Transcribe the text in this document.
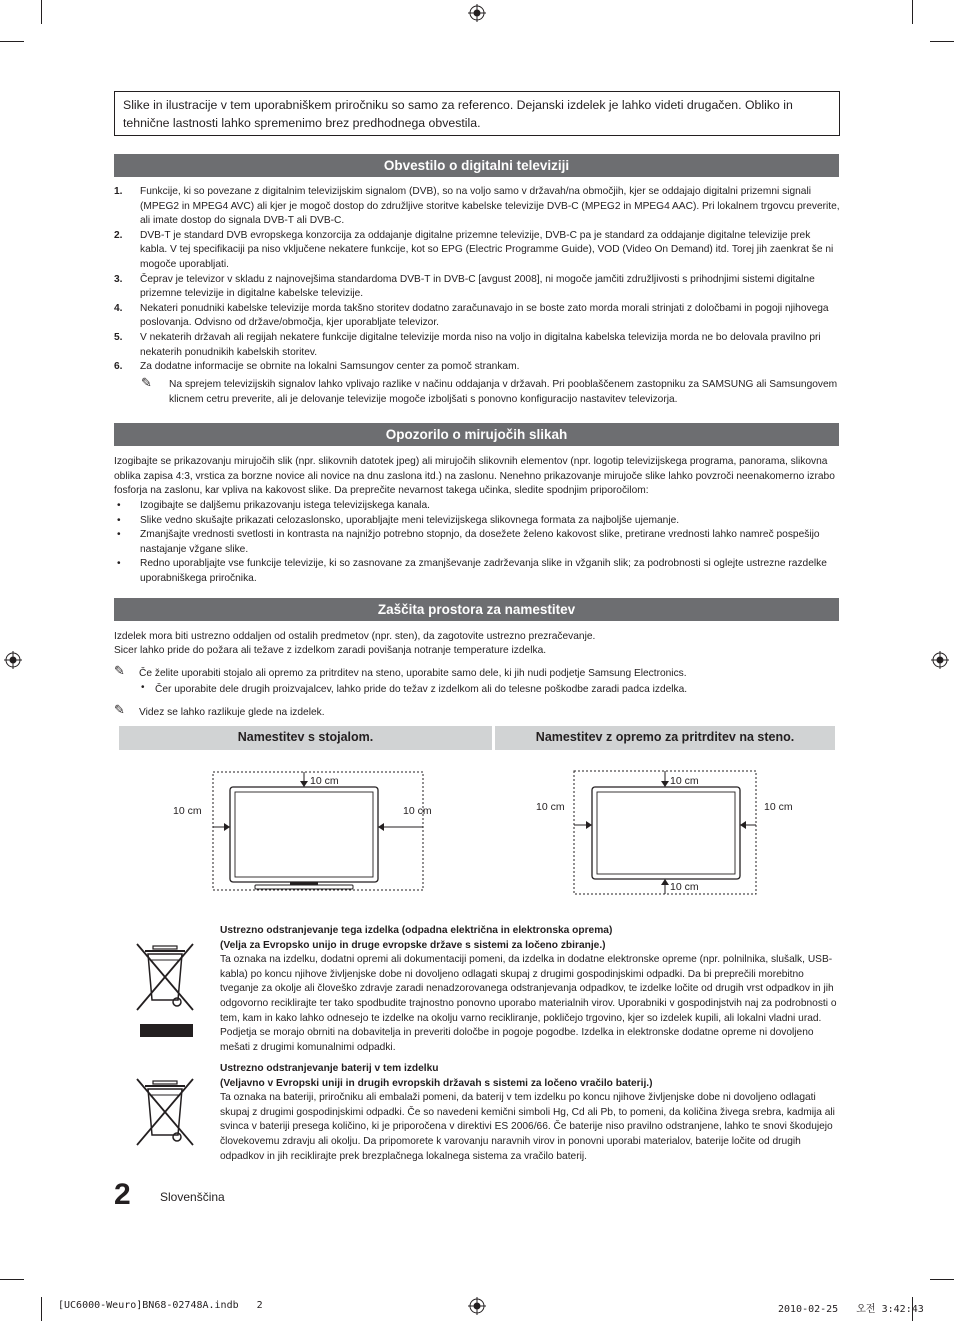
Slike in ilustracije v tem uporabniškem priročniku so samo za referenco. Dejanski izdelek je lahko videti drugačen. Obliko in tehnične lastnosti lahko spremenimo brez predhodnega obvestila.
Obvestilo o digitalni televiziji
1. Funkcije, ki so povezane z digitalnim televizijskim signalom (DVB), so na voljo samo v državah/na območjih, kjer se oddajajo digitalni prizemni signali (MPEG2 in MPEG4 AVC) ali kjer je mogoč dostop do združljive storitve kabelske televizije DVB-C (MPEG2 in MPEG4 AAC). Pri lokalnem trgovcu preverite, ali imate dostop do signala DVB-T ali DVB-C.
2. DVB-T je standard DVB evropskega konzorcija za oddajanje digitalne prizemne televizije, DVB-C pa je standard za oddajanje digitalne televizije prek kabla. V tej specifikaciji pa niso vključene nekatere funkcije, kot so EPG (Electric Programme Guide), VOD (Video On Demand) itd. Torej jih zaenkrat še ni mogoče uporabljati.
3. Čeprav je televizor v skladu z najnovejšima standardoma DVB-T in DVB-C [avgust 2008], ni mogoče jamčiti združljivosti s prihodnjimi sistemi digitalne prizemne televizije in digitalne kabelske televizije.
4. Nekateri ponudniki kabelske televizije morda takšno storitev dodatno zaračunavajo in se boste zato morda morali strinjati z določbami in pogoji njihovega poslovanja. Odvisno od države/območja, kjer uporabljate televizor.
5. V nekaterih državah ali regijah nekatere funkcije digitalne televizije morda niso na voljo in digitalna kabelska televizija morda ne bo delovala pravilno pri nekaterih ponudnikih kabelskih storitev.
6. Za dodatne informacije se obrnite na lokalni Samsungov center za pomoč strankam.
✎ Na sprejem televizijskih signalov lahko vplivajo razlike v načinu oddajanja v državah. Pri pooblaščenem zastopniku za SAMSUNG ali Samsungovem klicnem cetru preverite, ali je delovanje televizije mogoče izboljšati s ponovno konfiguracijo nastavitev televizorja.
Opozorilo o mirujočih slikah
Izogibajte se prikazovanju mirujočih slik (npr. slikovnih datotek jpeg) ali mirujočih slikovnih elementov (npr. logotip televizijskega programa, panorama, slikovna oblika zapisa 4:3, vrstica za borzne novice ali novice na dnu zaslona itd.) na zaslonu. Nenehno prikazovanje mirujoče slike lahko povzroči neenakomerno izrabo fosforja na zaslonu, kar vpliva na kakovost slike. Da preprečite nevarnost takega učinka, sledite spodnjim priporočilom:
• Izogibajte se daljšemu prikazovanju istega televizijskega kanala.
• Slike vedno skušajte prikazati celozaslonsko, uporabljajte meni televizijskega slikovnega formata za najboljše ujemanje.
• Zmanjšajte vrednosti svetlosti in kontrasta na najnižjo potrebno stopnjo, da dosežete želeno kakovost slike, pretirane vrednosti lahko namreč pospešijo nastajanje vžgane slike.
• Redno uporabljajte vse funkcije televizije, ki so zasnovane za zmanjševanje zadrževanja slike in vžganih slik; za podrobnosti si oglejte ustrezne razdelke uporabniškega priročnika.
Zaščita prostora za namestitev
Izdelek mora biti ustrezno oddaljen od ostalih predmetov (npr. sten), da zagotovite ustrezno prezračevanje.
Sicer lahko pride do požara ali težave z izdelkom zaradi povišanja notranje temperature izdelka.
✎ Če želite uporabiti stojalo ali opremo za pritrditev na steno, uporabite samo dele, ki jih nudi podjetje Samsung Electronics.
• Čer uporabite dele drugih proizvajalcev, lahko pride do težav z izdelkom ali do telesne poškodbe zaradi padca izdelka.
✎ Videz se lahko razlikuje glede na izdelek.
Namestitev s stojalom.	Namestitev z opremo za pritrditev na steno.
10 cm
10 cm	10 cm
10 cm
10 cm	10 cm
10 cm
Ustrezno odstranjevanje tega izdelka (odpadna električna in elektronska oprema)
(Velja za Evropsko unijo in druge evropske države s sistemi za ločeno zbiranje.)
Ta oznaka na izdelku, dodatni opremi ali dokumentaciji pomeni, da izdelka in dodatne elektronske opreme (npr. polnilnika, slušalk, USB-kabla) po koncu njihove življenjske dobe ni dovoljeno odlagati skupaj z drugimi gospodinjskimi odpadki. Da bi preprečili morebitno tveganje za okolje ali človeško zdravje zaradi nenadzorovanega odstranjevanja odpadkov, te izdelke ločite od drugih vrst odpadkov in jih odgovorno reciklirajte ter tako spodbudite trajnostno ponovno uporabo materialnih virov. Uporabniki v gospodinjstvih naj za podrobnosti o tem, kam in kako lahko odnesejo te izdelke na okolju varno recikliranje, pokličejo trgovino, kjer so izdelek kupili, ali lokalni vladni urad. Podjetja se morajo obrniti na dobavitelja in preveriti določbe in pogoje pogodbe. Izdelka in elektronske dodatne opreme ni dovoljeno mešati z drugimi komunalnimi odpadki.
Ustrezno odstranjevanje baterij v tem izdelku
(Veljavno v Evropski uniji in drugih evropskih državah s sistemi za ločeno vračilo baterij.)
Ta oznaka na bateriji, priročniku ali embalaži pomeni, da baterij v tem izdelku po koncu njihove življenjske dobe ni dovoljeno odlagati skupaj z drugimi gospodinjskimi odpadki. Če so navedeni kemični simboli Hg, Cd ali Pb, to pomeni, da količina živega srebra, kadmija ali svinca v bateriji presega količino, ki je priporočena v direktivi ES 2006/66. Če baterije niso pravilno odstranjene, lahko te snovi škodujejo človekovemu zdravju ali okolju. Da pripomorete k varovanju naravnih virov in ponovni uporabi materialov, baterije ločite od drugih odpadkov in jih reciklirajte prek brezplačnega lokalnega sistema za vračilo baterij.
2 Slovenščina
[UC6000-Weuro]BN68-02748A.indb   2	2010-02-25   오전 3:42:43
